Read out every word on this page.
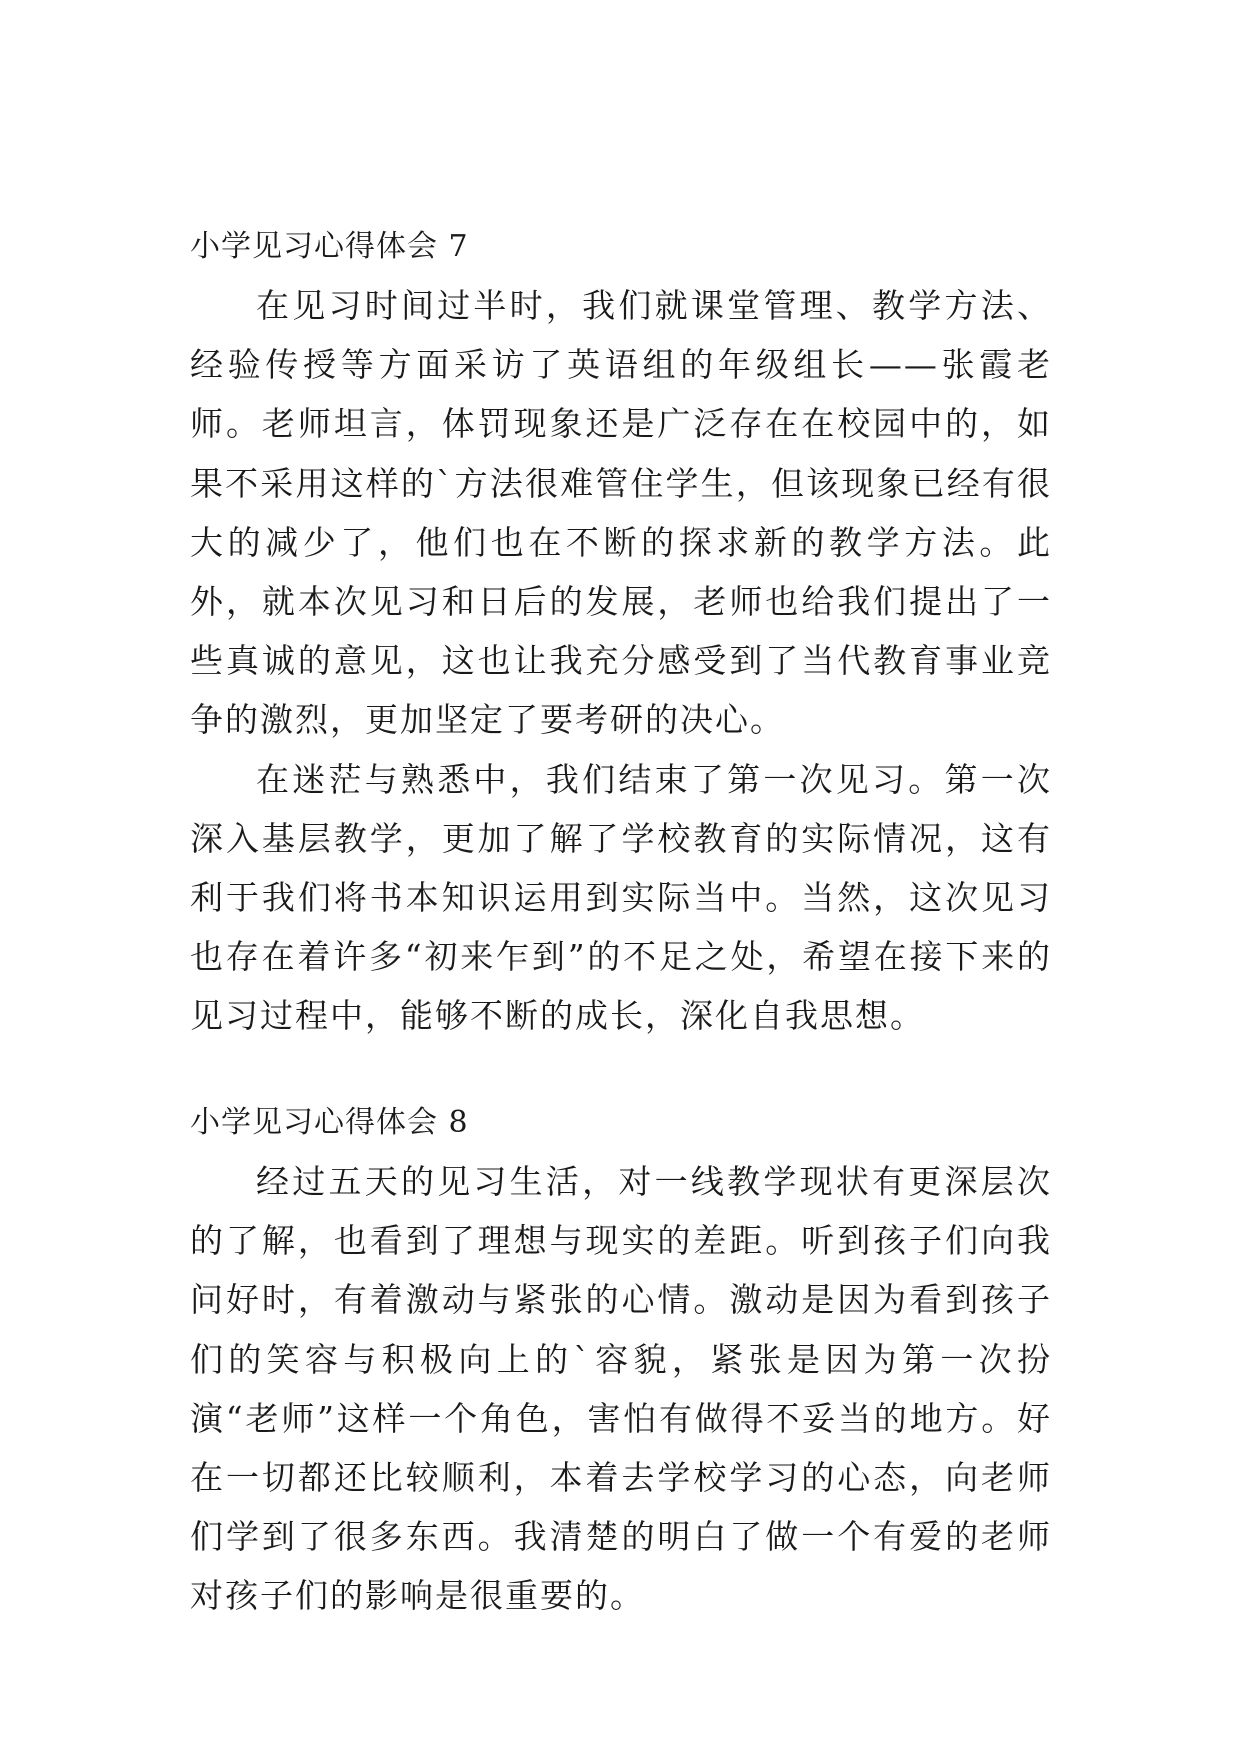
小学见习心得体会 7

在见习时间过半时，我们就课堂管理、教学方法、经验传授等方面采访了英语组的年级组长——张霞老师。老师坦言，体罚现象还是广泛存在在校园中的，如果不采用这样的`方法很难管住学生，但该现象已经有很大的减少了，他们也在不断的探求新的教学方法。此外，就本次见习和日后的发展，老师也给我们提出了一些真诚的意见，这也让我充分感受到了当代教育事业竞争的激烈，更加坚定了要考研的决心。

在迷茫与熟悉中，我们结束了第一次见习。第一次深入基层教学，更加了解了学校教育的实际情况，这有利于我们将书本知识运用到实际当中。当然，这次见习也存在着许多“初来乍到”的不足之处，希望在接下来的见习过程中，能够不断的成长，深化自我思想。

小学见习心得体会 8

经过五天的见习生活，对一线教学现状有更深层次的了解，也看到了理想与现实的差距。听到孩子们向我问好时，有着激动与紧张的心情。激动是因为看到孩子们的笑容与积极向上的`容貌，紧张是因为第一次扮演“老师”这样一个角色，害怕有做得不妥当的地方。好在一切都还比较顺利，本着去学校学习的心态，向老师们学到了很多东西。我清楚的明白了做一个有爱的老师对孩子们的影响是很重要的。
